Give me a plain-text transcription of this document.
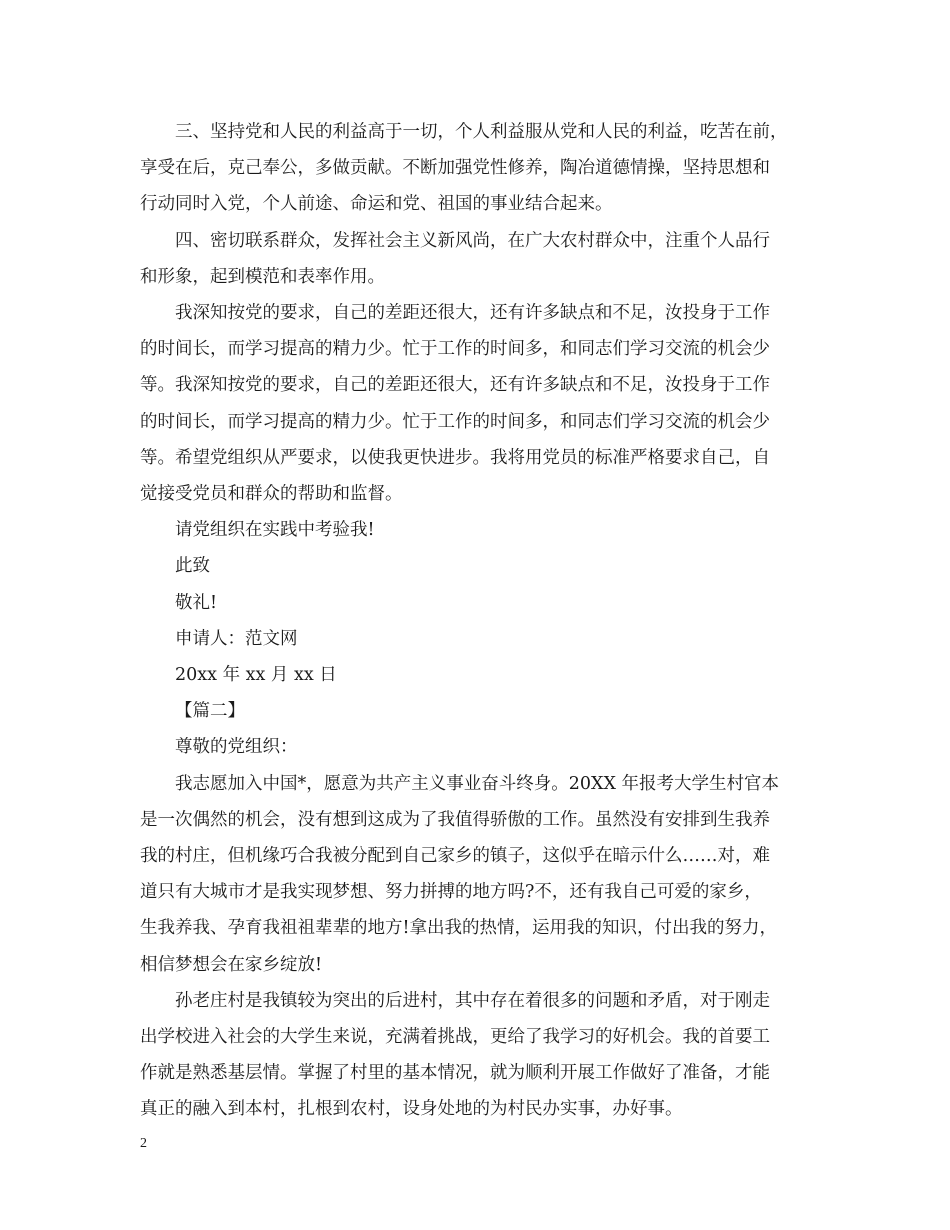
三、坚持党和人民的利益高于一切，个人利益服从党和人民的利益，吃苦在前，
享受在后，克己奉公，多做贡献。不断加强党性修养，陶冶道德情操，坚持思想和
行动同时入党，个人前途、命运和党、祖国的事业结合起来。

四、密切联系群众，发挥社会主义新风尚，在广大农村群众中，注重个人品行
和形象，起到模范和表率作用。

我深知按党的要求，自己的差距还很大，还有许多缺点和不足，汝投身于工作
的时间长，而学习提高的精力少。忙于工作的时间多，和同志们学习交流的机会少
等。我深知按党的要求，自己的差距还很大，还有许多缺点和不足，汝投身于工作
的时间长，而学习提高的精力少。忙于工作的时间多，和同志们学习交流的机会少
等。希望党组织从严要求，以使我更快进步。我将用党员的标准严格要求自己，自
觉接受党员和群众的帮助和监督。

请党组织在实践中考验我!

此致

敬礼!

申请人：范文网

20xx 年 xx 月 xx 日

【篇二】

尊敬的党组织：

我志愿加入中国*，愿意为共产主义事业奋斗终身。20XX 年报考大学生村官本
是一次偶然的机会，没有想到这成为了我值得骄傲的工作。虽然没有安排到生我养
我的村庄，但机缘巧合我被分配到自己家乡的镇子，这似乎在暗示什么……对，难
道只有大城市才是我实现梦想、努力拼搏的地方吗?不，还有我自己可爱的家乡，
生我养我、孕育我祖祖辈辈的地方!拿出我的热情，运用我的知识，付出我的努力，
相信梦想会在家乡绽放!

孙老庄村是我镇较为突出的后进村，其中存在着很多的问题和矛盾，对于刚走
出学校进入社会的大学生来说，充满着挑战，更给了我学习的好机会。我的首要工
作就是熟悉基层情。掌握了村里的基本情况，就为顺利开展工作做好了准备，才能
真正的融入到本村，扎根到农村，设身处地的为村民办实事，办好事。

2
